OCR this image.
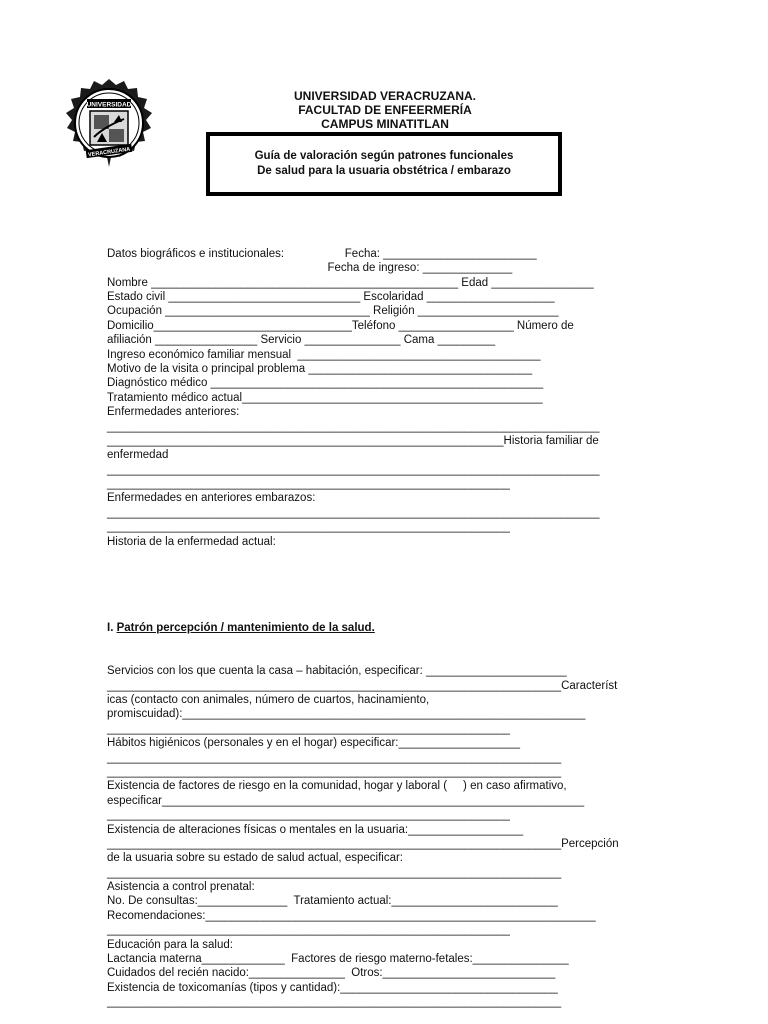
UNIVERSIDAD
VERACRUZANA
UNIVERSIDAD VERACRUZANA.
FACULTAD DE ENFEERMERÍA
CAMPUS MINATITLAN
Guía de valoración según patrones funcionales
De salud para la usuaria obstétrica / embarazo

Datos biográficos e institucionales:                   Fecha: ________________________
Fecha de ingreso: ______________
Nombre ________________________________________________ Edad ________________
Estado civil ______________________________ Escolaridad ____________________
Ocupación ________________________________ Religión ______________________
Domicilio_______________________________Teléfono __________________ Número de
afiliación ________________ Servicio _______________ Cama _________
Ingreso económico familiar mensual  ______________________________________
Motivo de la visita o principal problema ___________________________________
Diagnóstico médico ____________________________________________________
Tratamiento médico actual_______________________________________________
Enfermedades anteriores:
_____________________________________________________________________________
______________________________________________________________Historia familiar de
enfermedad
_____________________________________________________________________________
_______________________________________________________________
Enfermedades en anteriores embarazos:
_____________________________________________________________________________
_______________________________________________________________
Historia de la enfermedad actual:

I. Patrón percepción / mantenimiento de la salud.

Servicios con los que cuenta la casa – habitación, especificar: ______________________
_______________________________________________________________________Característ
icas (contacto con animales, número de cuartos, hacinamiento,
promiscuidad):_______________________________________________________________
_______________________________________________________________
Hábitos higiénicos (personales y en el hogar) especificar:___________________
_______________________________________________________________________
_______________________________________________________________________
Existencia de factores de riesgo en la comunidad, hogar y laboral (     ) en caso afirmativo,
especificar__________________________________________________________________
_______________________________________________________________
Existencia de alteraciones físicas o mentales en la usuaria:__________________
_______________________________________________________________________Percepción
de la usuaria sobre su estado de salud actual, especificar:
_______________________________________________________________________
Asistencia a control prenatal:
No. De consultas:______________  Tratamiento actual:__________________________
Recomendaciones:_____________________________________________________________
_______________________________________________________________
Educación para la salud:
Lactancia materna_____________  Factores de riesgo materno-fetales:_______________
Cuidados del recién nacido:_______________  Otros:___________________________
Existencia de toxicomanías (tipos y cantidad):__________________________________
_______________________________________________________________________
